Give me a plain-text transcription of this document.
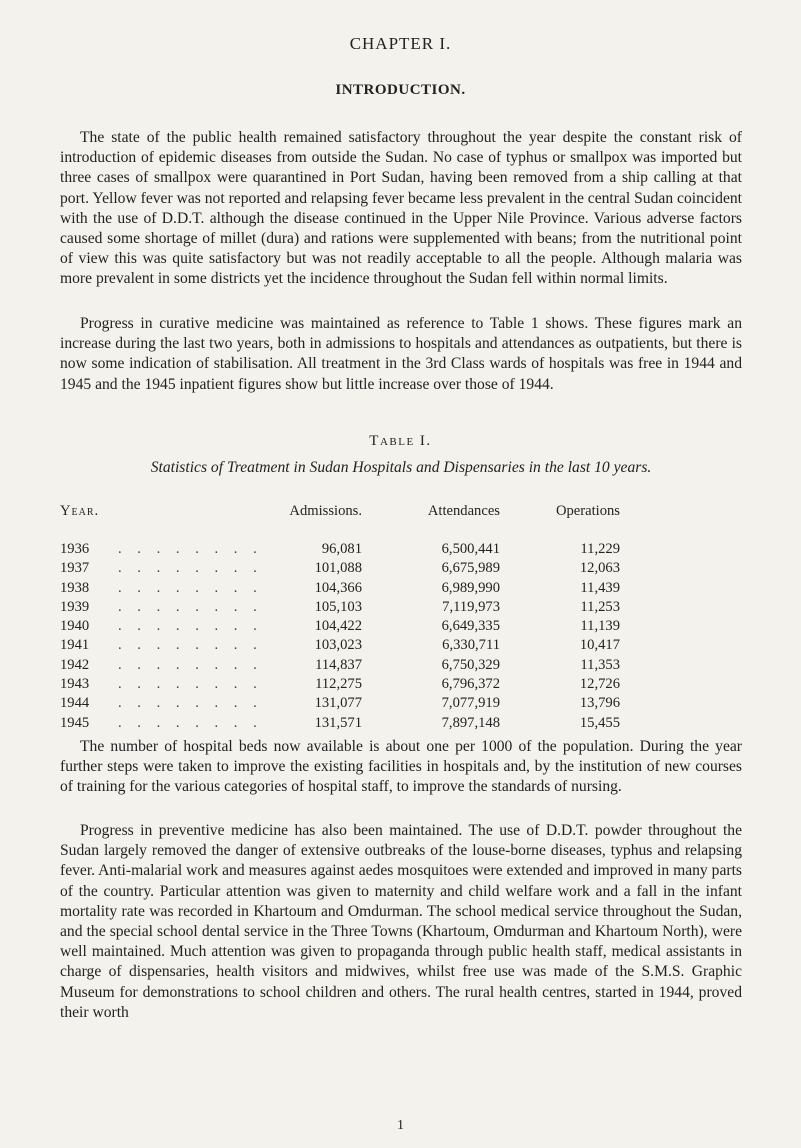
CHAPTER I.
INTRODUCTION.

The state of the public health remained satisfactory throughout the year despite the constant risk of introduction of epidemic diseases from outside the Sudan. No case of typhus or smallpox was imported but three cases of smallpox were quarantined in Port Sudan, having been removed from a ship calling at that port. Yellow fever was not reported and relapsing fever became less prevalent in the central Sudan coincident with the use of D.D.T. although the disease continued in the Upper Nile Province. Various adverse factors caused some shortage of millet (dura) and rations were supplemented with beans; from the nutritional point of view this was quite satisfactory but was not readily acceptable to all the people. Although malaria was more prevalent in some districts yet the incidence throughout the Sudan fell within normal limits.

Progress in curative medicine was maintained as reference to Table 1 shows. These figures mark an increase during the last two years, both in admissions to hospitals and attendances as outpatients, but there is now some indication of stabilisation. All treatment in the 3rd Class wards of hospitals was free in 1944 and 1945 and the 1945 inpatient figures show but little increase over those of 1944.

Table I.
Statistics of Treatment in Sudan Hospitals and Dispensaries in the last 10 years.
Year.	Admissions.	Attendances	Operations
1936 . . . . . . . .	96,081	6,500,441	11,229
1937 . . . . . . . .	101,088	6,675,989	12,063
1938 . . . . . . . .	104,366	6,989,990	11,439
1939 . . . . . . . .	105,103	7,119,973	11,253
1940 . . . . . . . .	104,422	6,649,335	11,139
1941 . . . . . . . .	103,023	6,330,711	10,417
1942 . . . . . . . .	114,837	6,750,329	11,353
1943 . . . . . . . .	112,275	6,796,372	12,726
1944 . . . . . . . .	131,077	7,077,919	13,796
1945 . . . . . . . .	131,571	7,897,148	15,455

The number of hospital beds now available is about one per 1000 of the population. During the year further steps were taken to improve the existing facilities in hospitals and, by the institution of new courses of training for the various categories of hospital staff, to improve the standards of nursing.

Progress in preventive medicine has also been maintained. The use of D.D.T. powder throughout the Sudan largely removed the danger of extensive outbreaks of the louse-borne diseases, typhus and relapsing fever. Anti-malarial work and measures against aedes mosquitoes were extended and improved in many parts of the country. Particular attention was given to maternity and child welfare work and a fall in the infant mortality rate was recorded in Khartoum and Omdurman. The school medical service throughout the Sudan, and the special school dental service in the Three Towns (Khartoum, Omdurman and Khartoum North), were well maintained. Much attention was given to propaganda through public health staff, medical assistants in charge of dispensaries, health visitors and midwives, whilst free use was made of the S.M.S. Graphic Museum for demonstrations to school children and others. The rural health centres, started in 1944, proved their worth

1
